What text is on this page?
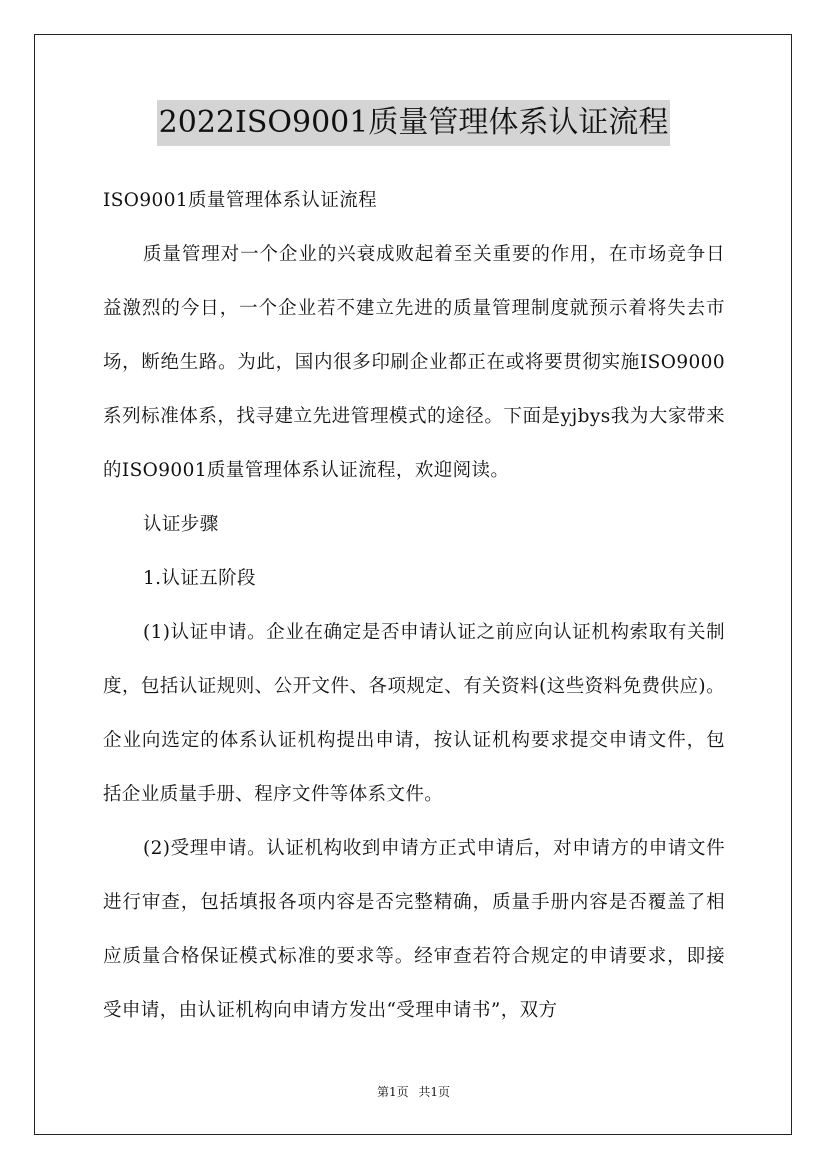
2022ISO9001质量管理体系认证流程

ISO9001质量管理体系认证流程

质量管理对一个企业的兴衰成败起着至关重要的作用，在市场竞争日益激烈的今日，一个企业若不建立先进的质量管理制度就预示着将失去市场，断绝生路。为此，国内很多印刷企业都正在或将要贯彻实施ISO9000系列标准体系，找寻建立先进管理模式的途径。下面是yjbys我为大家带来的ISO9001质量管理体系认证流程，欢迎阅读。

认证步骤

1.认证五阶段

(1)认证申请。企业在确定是否申请认证之前应向认证机构索取有关制度，包括认证规则、公开文件、各项规定、有关资料(这些资料免费供应)。企业向选定的体系认证机构提出申请，按认证机构要求提交申请文件，包括企业质量手册、程序文件等体系文件。

(2)受理申请。认证机构收到申请方正式申请后，对申请方的申请文件进行审查，包括填报各项内容是否完整精确，质量手册内容是否覆盖了相应质量合格保证模式标准的要求等。经审查若符合规定的申请要求，即接受申请，由认证机构向申请方发出“受理申请书”，双方

第1页 共1页
